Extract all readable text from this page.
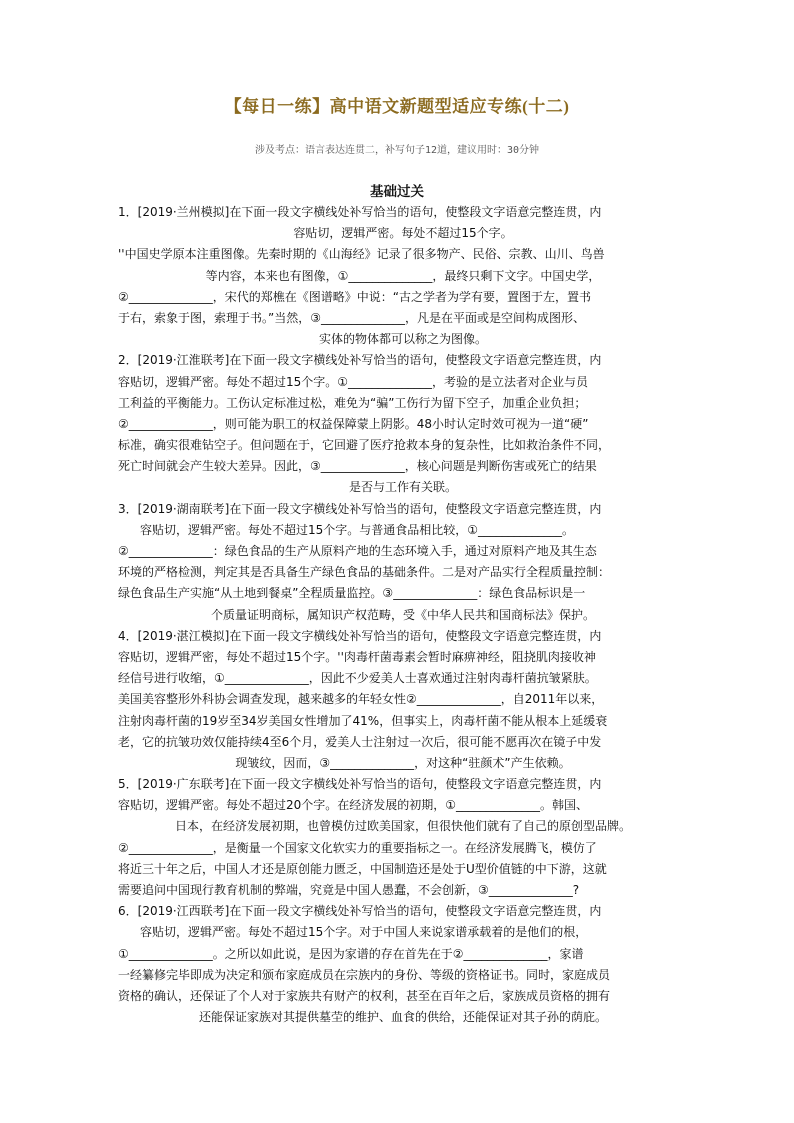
【每日一练】高中语文新题型适应专练(十二)
涉及考点：语言表达连贯二，补写句子12道，建议用时：30分钟
基础过关
1．[2019·兰州模拟]在下面一段文字横线处补写恰当的语句，使整段文字语意完整连贯，内
容贴切，逻辑严密。每处不超过15个字。
''中国史学原本注重图像。先秦时期的《山海经》记录了很多物产、民俗、宗教、山川、鸟兽
等内容，本来也有图像，①______________，最终只剩下文字。中国史学，
②______________，宋代的郑樵在《图谱略》中说：“古之学者为学有要，置图于左，置书
于右，索象于图，索理于书。”当然，③______________，凡是在平面或是空间构成图形、
实体的物体都可以称之为图像。
2．[2019·江淮联考]在下面一段文字横线处补写恰当的语句，使整段文字语意完整连贯，内
容贴切，逻辑严密。每处不超过15个字。①______________，考验的是立法者对企业与员
工利益的平衡能力。工伤认定标准过松，难免为“骗”工伤行为留下空子，加重企业负担；
②______________，则可能为职工的权益保障蒙上阴影。48小时认定时效可视为一道“硬”
标准，确实很难钻空子。但问题在于，它回避了医疗抢救本身的复杂性，比如救治条件不同，
死亡时间就会产生较大差异。因此，③______________，核心问题是判断伤害或死亡的结果
是否与工作有关联。
3．[2019·湖南联考]在下面一段文字横线处补写恰当的语句，使整段文字语意完整连贯，内
容贴切，逻辑严密。每处不超过15个字。与普通食品相比较，①______________。
②______________：绿色食品的生产从原料产地的生态环境入手，通过对原料产地及其生态
环境的严格检测，判定其是否具备生产绿色食品的基础条件。二是对产品实行全程质量控制：
绿色食品生产实施“从土地到餐桌”全程质量监控。③______________：绿色食品标识是一
个质量证明商标，属知识产权范畴，受《中华人民共和国商标法》保护。
4．[2019·湛江模拟]在下面一段文字横线处补写恰当的语句，使整段文字语意完整连贯，内
容贴切，逻辑严密，每处不超过15个字。''肉毒杆菌毒素会暂时麻痹神经，阻挠肌肉接收神
经信号进行收缩，①______________，因此不少爱美人士喜欢通过注射肉毒杆菌抗皱紧肤。
美国美容整形外科协会调查发现，越来越多的年轻女性②______________，自2011年以来，
注射肉毒杆菌的19岁至34岁美国女性增加了41%，但事实上，肉毒杆菌不能从根本上延缓衰
老，它的抗皱功效仅能持续4至6个月，爱美人士注射过一次后，很可能不愿再次在镜子中发
现皱纹，因而，③______________，对这种“驻颜术”产生依赖。
5．[2019·广东联考]在下面一段文字横线处补写恰当的语句，使整段文字语意完整连贯，内
容贴切，逻辑严密。每处不超过20个字。在经济发展的初期，①______________。韩国、
日本，在经济发展初期，也曾模仿过欧美国家，但很快他们就有了自己的原创型品牌。
②______________，是衡量一个国家文化软实力的重要指标之一。在经济发展腾飞，模仿了
将近三十年之后，中国人才还是原创能力匮乏，中国制造还是处于U型价值链的中下游，这就
需要追问中国现行教育机制的弊端，究竟是中国人愚蠢，不会创新，③______________?
6．[2019·江西联考]在下面一段文字横线处补写恰当的语句，使整段文字语意完整连贯，内
容贴切，逻辑严密。每处不超过15个字。对于中国人来说家谱承载着的是他们的根，
①______________。之所以如此说，是因为家谱的存在首先在于②______________，家谱
一经纂修完毕即成为决定和颁布家庭成员在宗族内的身份、等级的资格证书。同时，家庭成员
资格的确认，还保证了个人对于家族共有财产的权利，甚至在百年之后，家族成员资格的拥有
还能保证家族对其提供墓茔的维护、血食的供给，还能保证对其子孙的荫庇。
